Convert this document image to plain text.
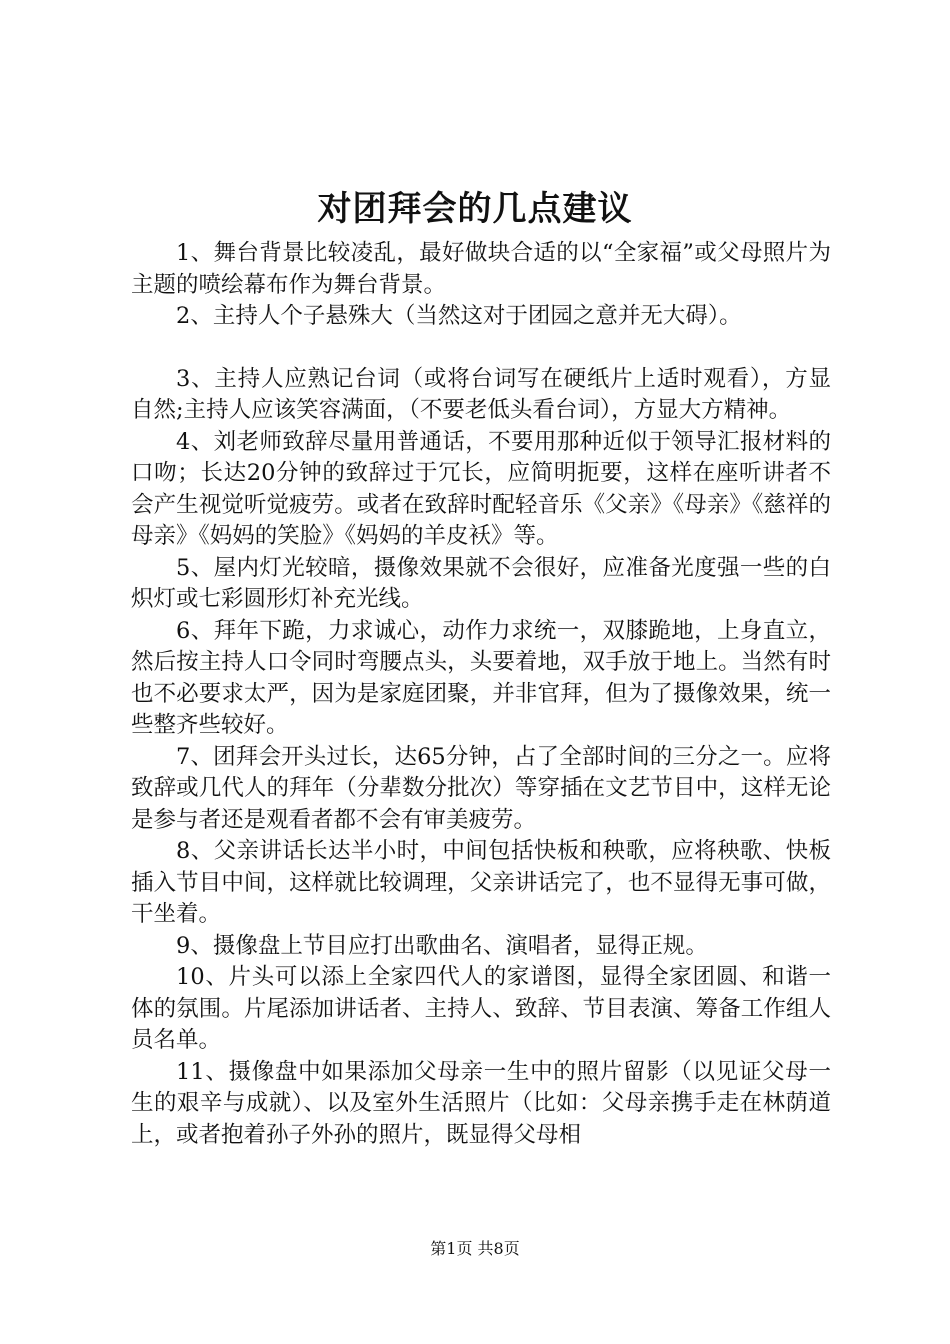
对团拜会的几点建议

1、舞台背景比较凌乱，最好做块合适的以“全家福”或父母照片为主题的喷绘幕布作为舞台背景。

2、主持人个子悬殊大（当然这对于团园之意并无大碍）。

3、主持人应熟记台词（或将台词写在硬纸片上适时观看），方显自然;主持人应该笑容满面，（不要老低头看台词），方显大方精神。

4、刘老师致辞尽量用普通话，不要用那种近似于领导汇报材料的口吻；长达20分钟的致辞过于冗长，应简明扼要，这样在座听讲者不会产生视觉听觉疲劳。或者在致辞时配轻音乐《父亲》《母亲》《慈祥的母亲》《妈妈的笑脸》《妈妈的羊皮袄》等。

5、屋内灯光较暗，摄像效果就不会很好，应准备光度强一些的白炽灯或七彩圆形灯补充光线。

6、拜年下跪，力求诚心，动作力求统一，双膝跪地，上身直立，然后按主持人口令同时弯腰点头，头要着地，双手放于地上。当然有时也不必要求太严，因为是家庭团聚，并非官拜，但为了摄像效果，统一些整齐些较好。

7、团拜会开头过长，达65分钟，占了全部时间的三分之一。应将致辞或几代人的拜年（分辈数分批次）等穿插在文艺节目中，这样无论是参与者还是观看者都不会有审美疲劳。

8、父亲讲话长达半小时，中间包括快板和秧歌，应将秧歌、快板插入节目中间，这样就比较调理，父亲讲话完了，也不显得无事可做，干坐着。

9、摄像盘上节目应打出歌曲名、演唱者，显得正规。

10、片头可以添上全家四代人的家谱图，显得全家团圆、和谐一体的氛围。片尾添加讲话者、主持人、致辞、节目表演、筹备工作组人员名单。

11、摄像盘中如果添加父母亲一生中的照片留影（以见证父母一生的艰辛与成就）、以及室外生活照片（比如：父母亲携手走在林荫道上，或者抱着孙子外孙的照片，既显得父母相

第1页 共8页
